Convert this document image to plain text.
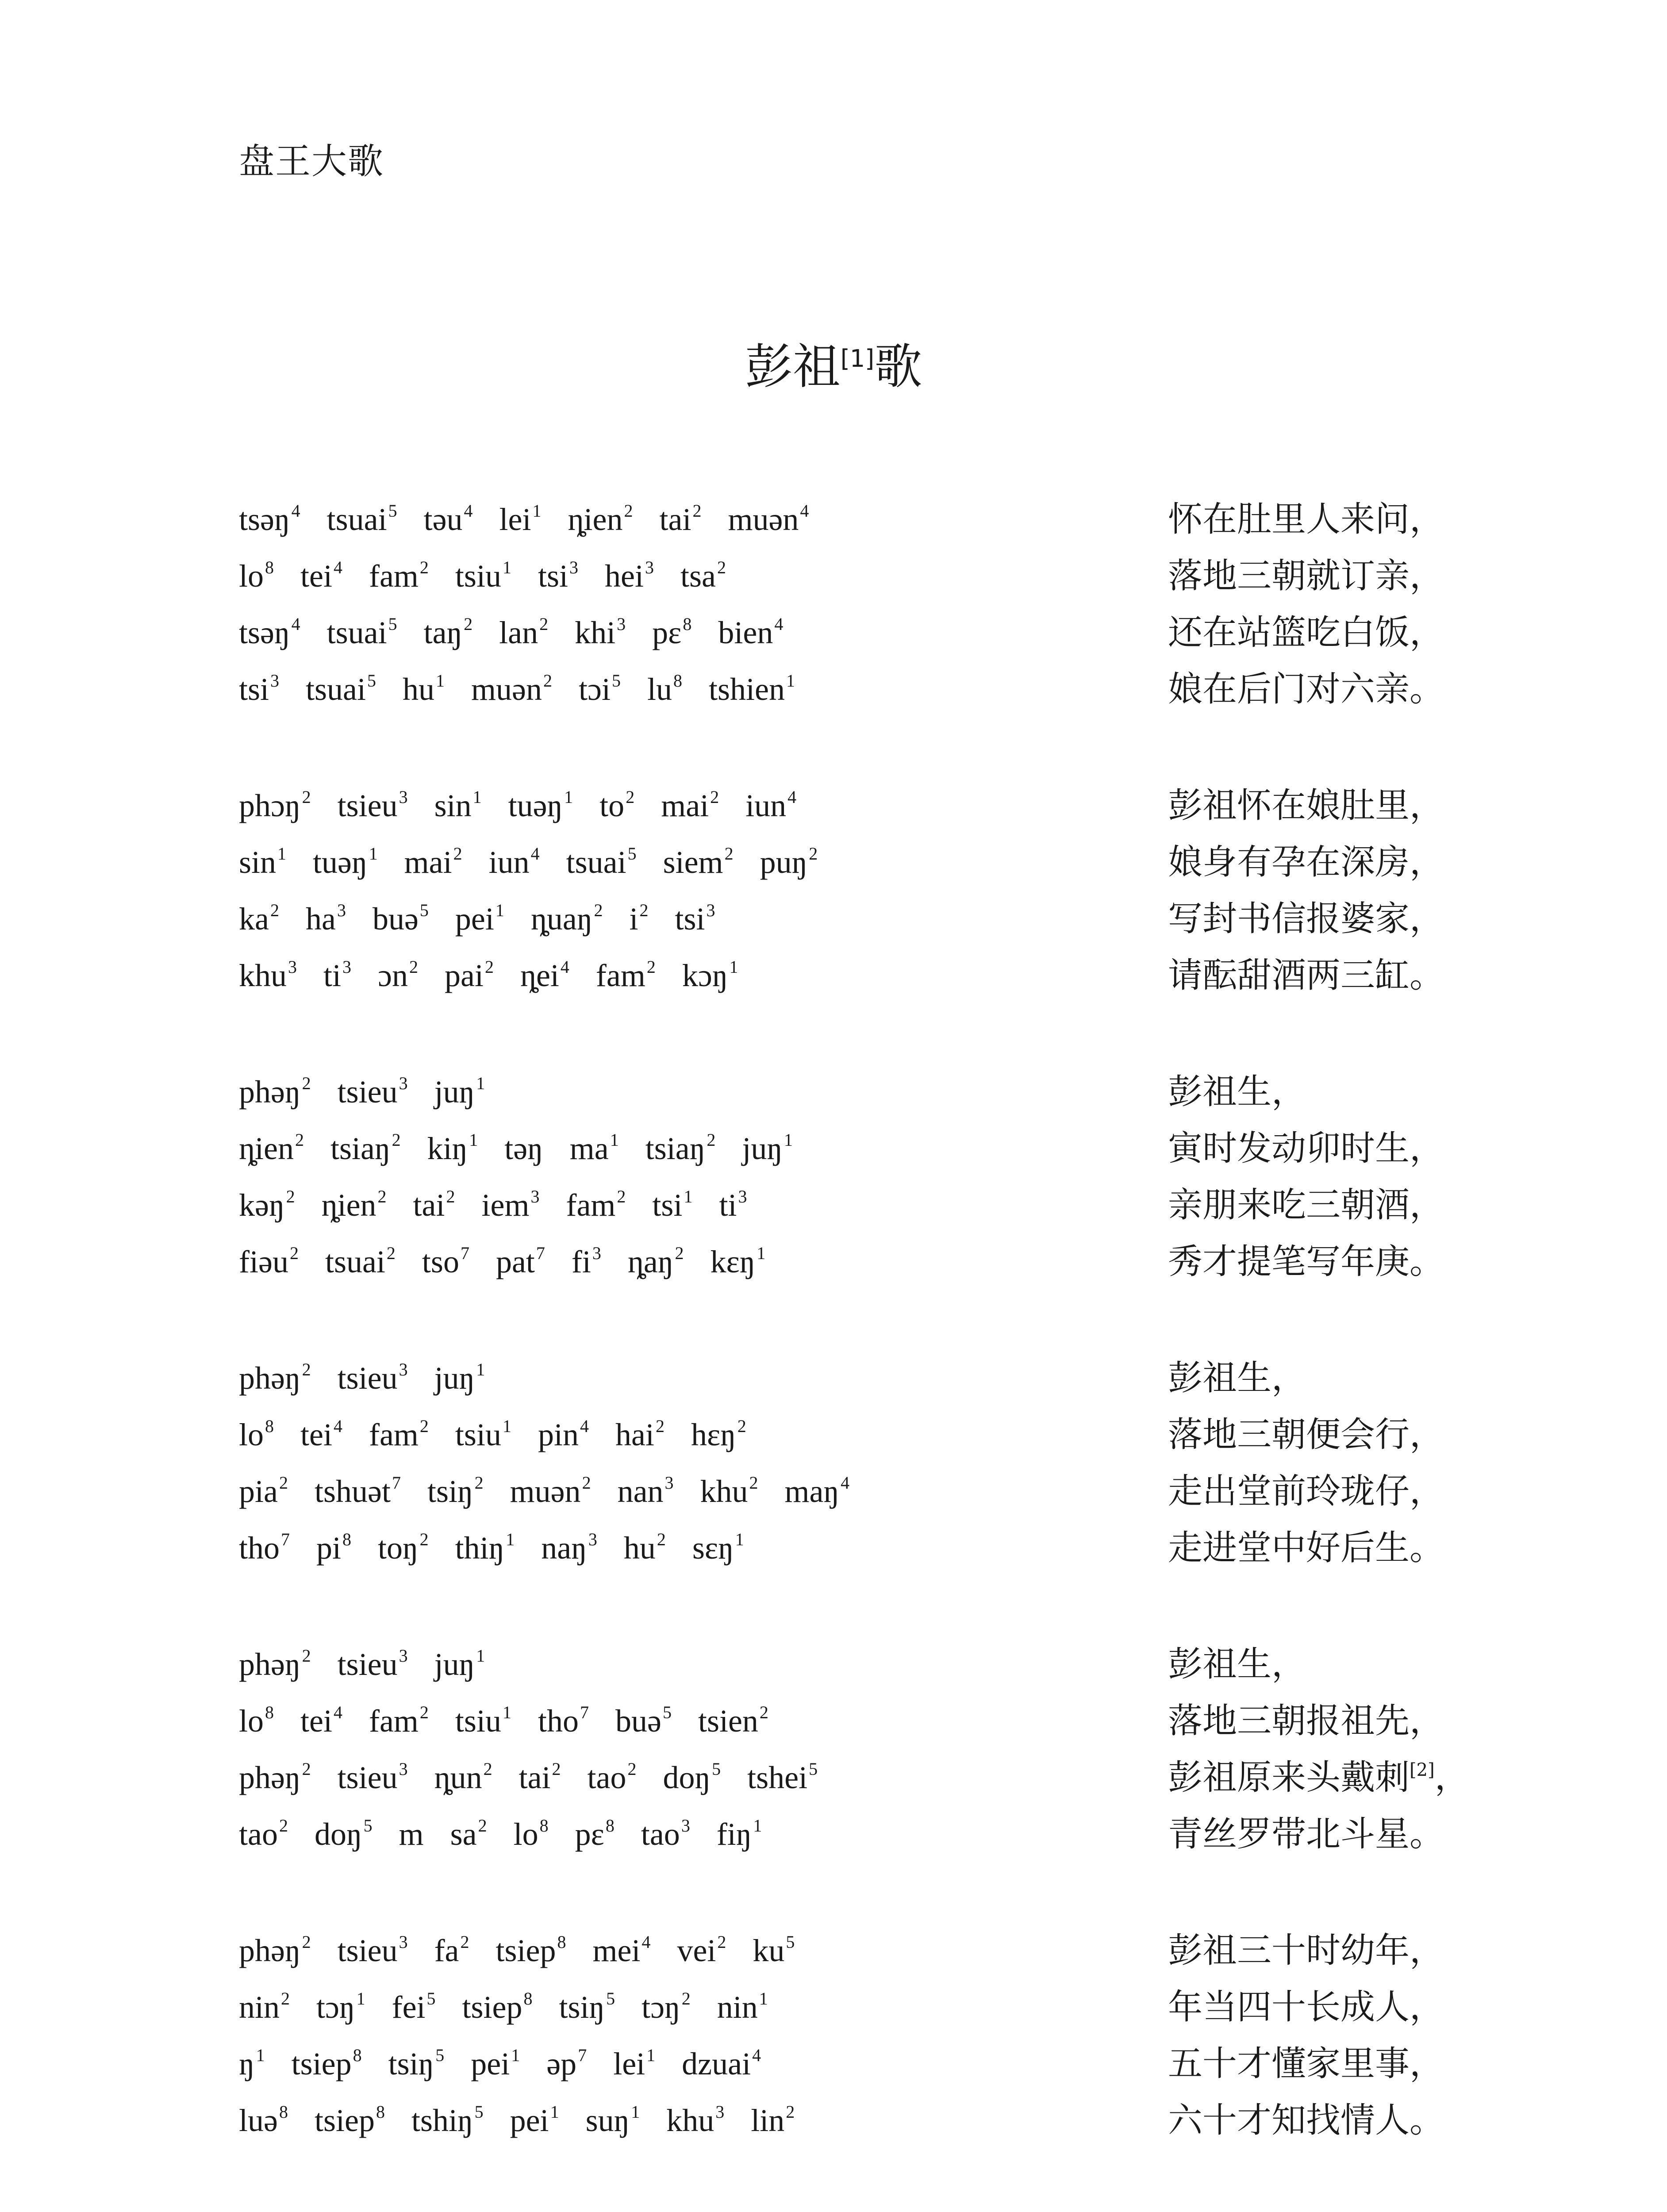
盘王大歌
彭祖[1]歌
tsəŋ$^4$ tsuai$^5$ təu$^4$ lei$^1$ ȵien$^2$ tai$^2$ muən$^4$	怀在肚里人来问，
$lo^8$ tei$^4$ fam$^2$ tsiu$^1$ tsi$^3$ hei$^3$ tsa$^2$	落地三朝就订亲，
tsəŋ$^4$ tsuai$^5$ taŋ$^2$ lan$^2$ khi$^3$ pɛ$^8$ bien$^4$	还在站篮吃白饭，
tsi$^3$ tsuai$^5$ $hu^1$ muən$^2$ tɔi$^5$ $lu^8$ tshien$^1$	娘在后门对六亲。
phɔŋ$^2$ tsieu$^3$ $\sin^1$ tuəŋ$^1$ $to^2$ mai$^2$ iun$^4$	彭祖怀在娘肚里，
$\sin^1$ tuəŋ$^1$ mai$^2$ iun$^4$ tsuai$^5$ siem$^2$ puŋ$^2$	娘身有孕在深房，
$ka^2$ $ha^3$ buə$^5$ pei$^1$ ȵuaŋ$^2$ $i^2$ tsi$^3$	写封书信报婆家，
khu$^3$ $ti^3$ ɔn$^2$ pai$^2$ ȵei$^4$ fam$^2$ kɔŋ$^1$	请酝甜酒两三缸。
phəŋ$^2$ tsieu$^3$ juŋ$^1$	彭祖生，
ȵien$^2$ tsiaŋ$^2$ kiŋ$^1$ təŋ $ma^1$ tsiaŋ$^2$ juŋ$^1$	寅时发动卯时生，
kəŋ$^2$ ȵien$^2$ tai$^2$ iem$^3$ fam$^2$ tsi$^1$ $ti^3$	亲朋来吃三朝酒，
fiəu$^2$ tsuai$^2$ tso$^7$ pat$^7$ $fi^3$ ȵaŋ$^2$ kɛŋ$^1$	秀才提笔写年庚。
phəŋ$^2$ tsieu$^3$ juŋ$^1$	彭祖生，
$lo^8$ tei$^4$ fam$^2$ tsiu$^1$ pin$^4$ hai$^2$ hɛŋ$^2$	落地三朝便会行，
pia$^2$ tshuət$^7$ tsiŋ$^2$ muən$^2$ nan$^3$ khu$^2$ maŋ$^4$	走出堂前玲珑仔，
tho$^7$ $pi^8$ toŋ$^2$ thiŋ$^1$ naŋ$^3$ $hu^2$ sɛŋ$^1$	走进堂中好后生。
phəŋ$^2$ tsieu$^3$ juŋ$^1$	彭祖生，
$lo^8$ tei$^4$ fam$^2$ tsiu$^1$ tho$^7$ buə$^5$ tsien$^2$	落地三朝报祖先，
phəŋ$^2$ tsieu$^3$ ȵun$^2$ tai$^2$ tao$^2$ doŋ$^5$ tshei$^5$	彭祖原来头戴刺[2]，
tao$^2$ doŋ$^5$ m $sa^2$ $lo^8$ pɛ$^8$ tao$^3$ fiŋ$^1$	青丝罗带北斗星。
phəŋ$^2$ tsieu$^3$ $fa^2$ tsiep$^8$ mei$^4$ vei$^2$ $ku^5$	彭祖三十时幼年，
nin$^2$ tɔŋ$^1$ fei$^5$ tsiep$^8$ tsiŋ$^5$ tɔŋ$^2$ nin$^1$	年当四十长成人，
$ŋ^1$ tsiep$^8$ tsiŋ$^5$ pei$^1$ əp$^7$ lei$^1$ dzuai$^4$	五十才懂家里事，
luə$^8$ tsiep$^8$ tshiŋ$^5$ pei$^1$ suŋ$^1$ khu$^3$ lin$^2$	六十才知找情人。
